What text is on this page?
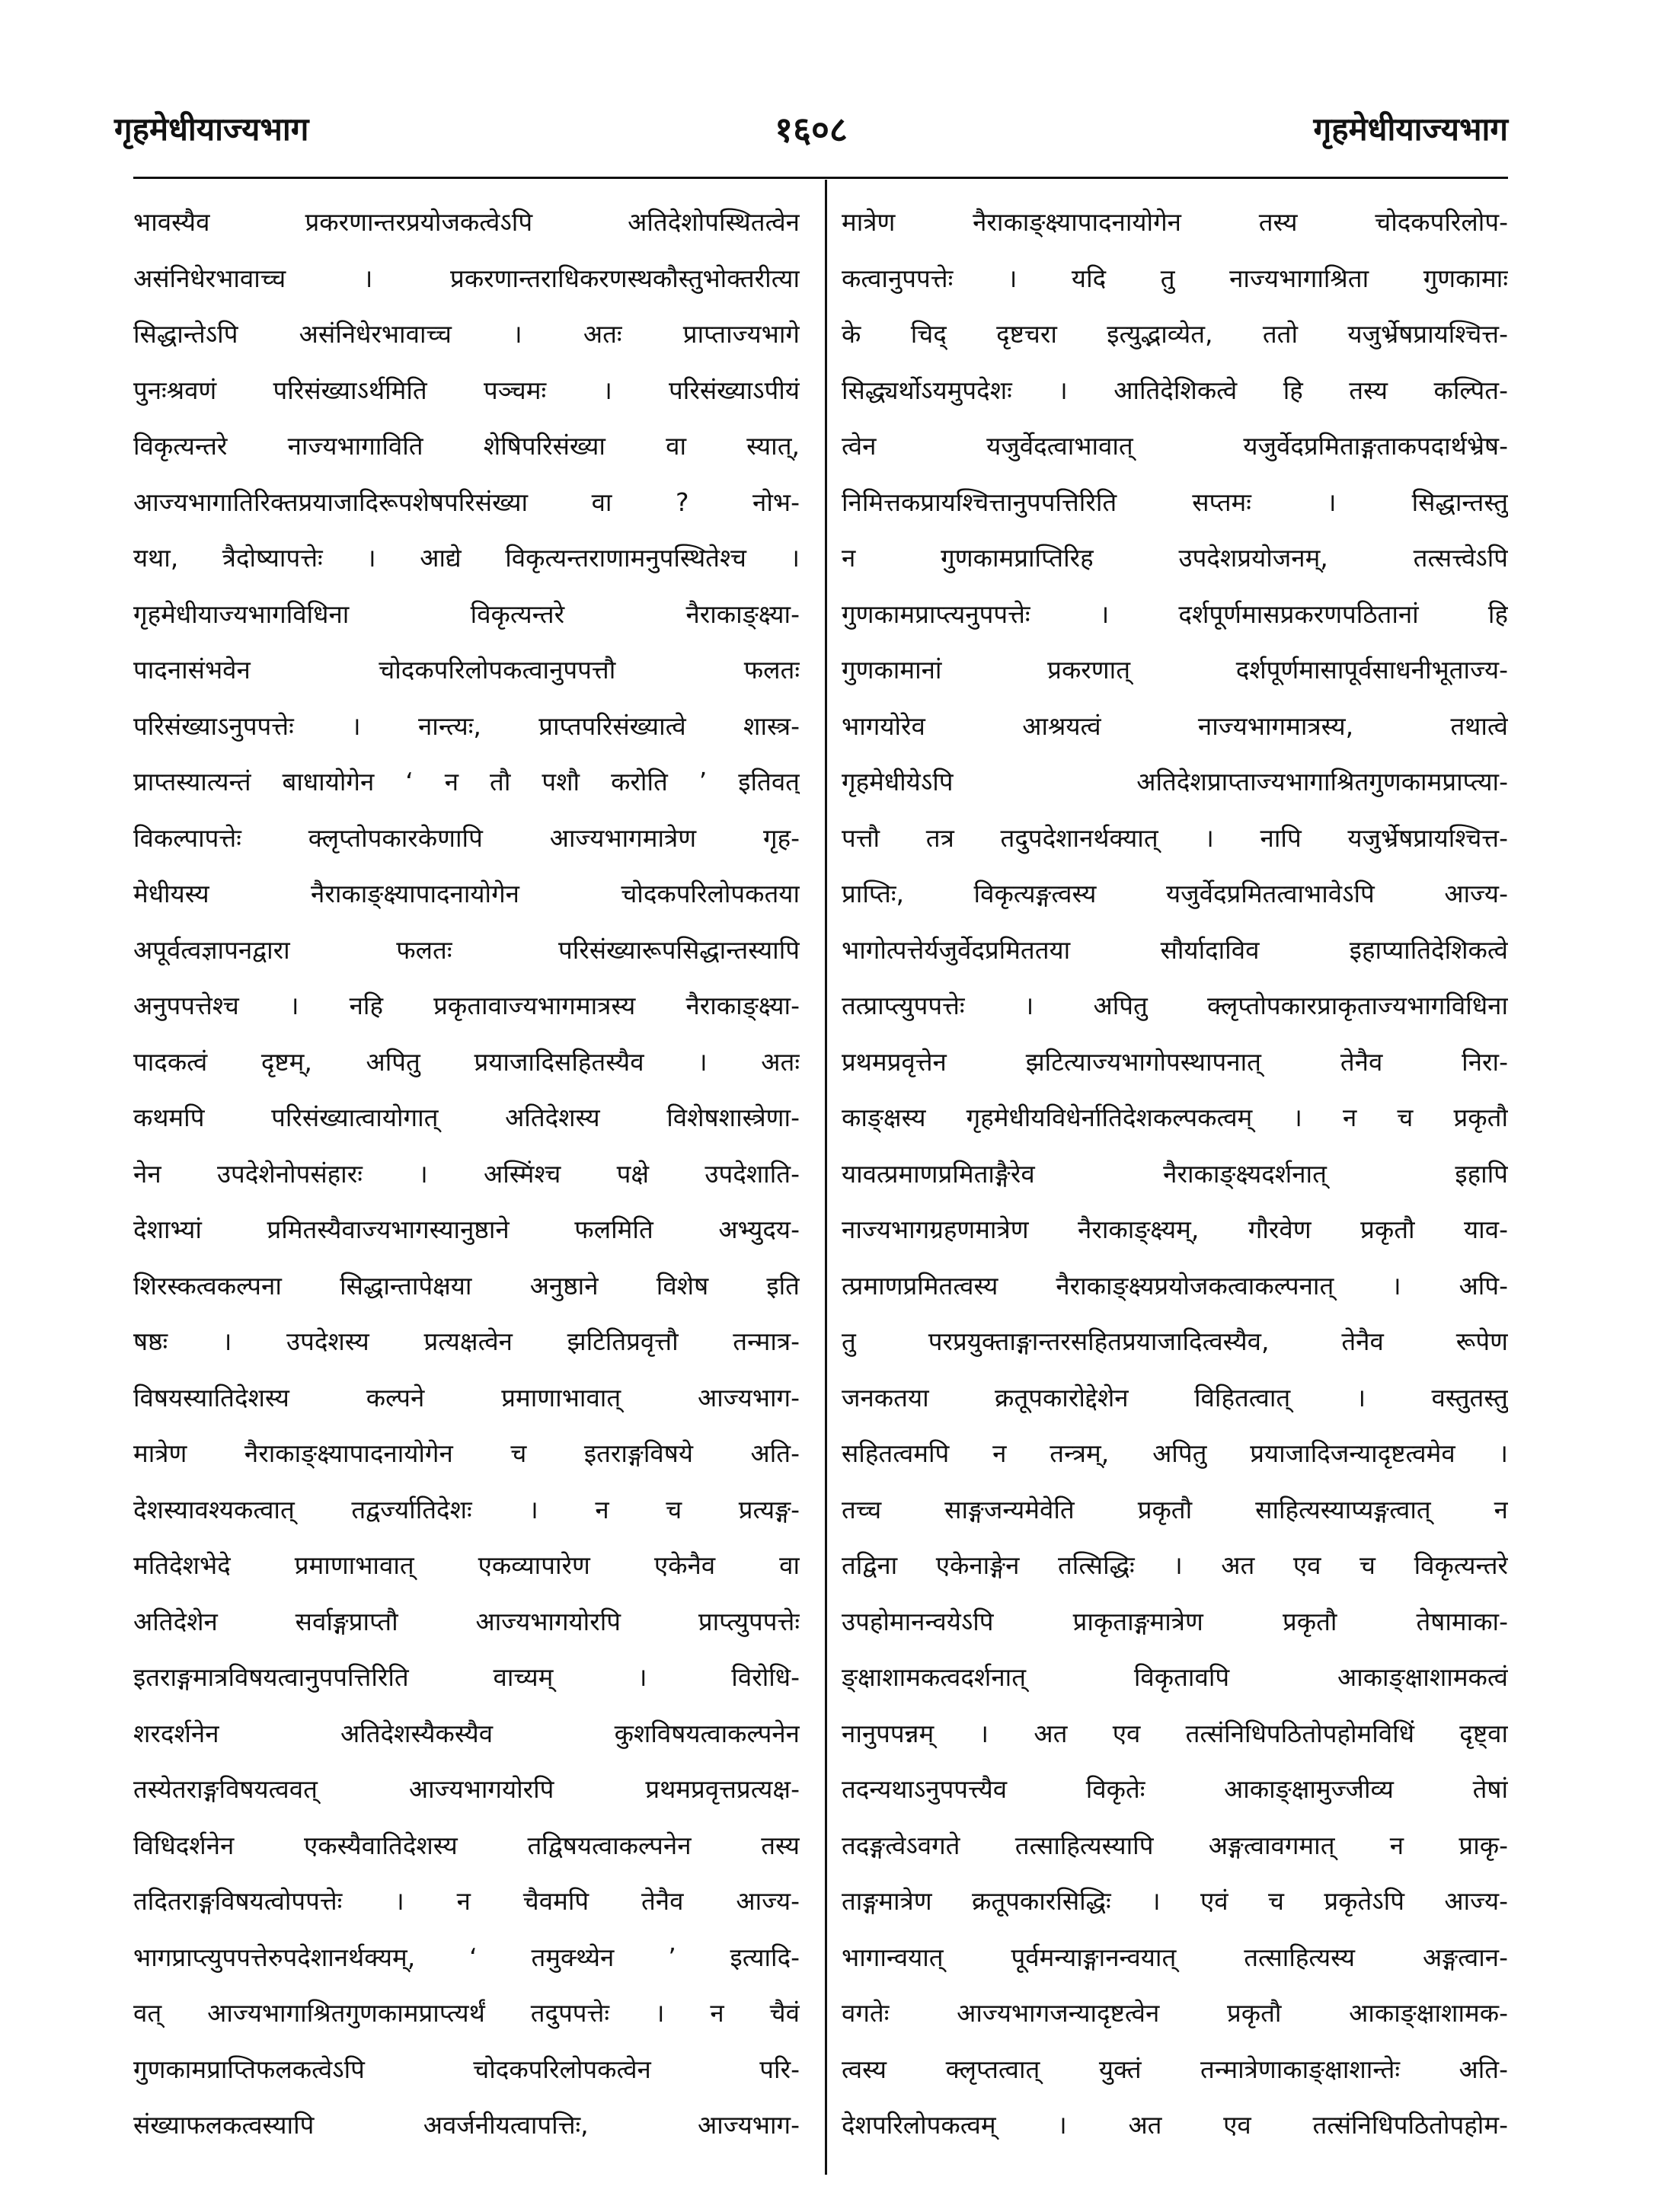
गृहमेधीयाज्यभाग	१६०८	गृहमेधीयाज्यभाग
भावस्यैव प्रकरणान्तरप्रयोजकत्वेऽपि अतिदेशोपस्थितत्वेन
असंनिधेरभावाच्च । प्रकरणान्तराधिकरणस्थकौस्तुभोक्तरीत्या
सिद्धान्तेऽपि असंनिधेरभावाच्च । अतः प्राप्ताज्यभागे
पुनःश्रवणं परिसंख्याऽर्थमिति पञ्चमः । परिसंख्याऽपीयं
विकृत्यन्तरे नाज्यभागाविति शेषिपरिसंख्या वा स्यात्,
आज्यभागातिरिक्तप्रयाजादिरूपशेषपरिसंख्या वा ? नोभ-
यथा, त्रैदोष्यापत्तेः । आद्ये विकृत्यन्तराणामनुपस्थितेश्च ।
गृहमेधीयाज्यभागविधिना विकृत्यन्तरे नैराकाङ्क्ष्या-
पादनासंभवेन चोदकपरिलोपकत्वानुपपत्तौ फलतः
परिसंख्याऽनुपपत्तेः । नान्त्यः, प्राप्तपरिसंख्यात्वे शास्त्र-
प्राप्तस्यात्यन्तं बाधायोगेन ‘ न तौ पशौ करोति ’ इतिवत्
विकल्पापत्तेः क्लृप्तोपकारकेणापि आज्यभागमात्रेण गृह-
मेधीयस्य नैराकाङ्क्ष्यापादनायोगेन चोदकपरिलोपकतया
अपूर्वत्वज्ञापनद्वारा फलतः परिसंख्यारूपसिद्धान्तस्यापि
अनुपपत्तेश्च । नहि प्रकृतावाज्यभागमात्रस्य नैराकाङ्क्ष्या-
पादकत्वं दृष्टम्, अपितु प्रयाजादिसहितस्यैव । अतः
कथमपि परिसंख्यात्वायोगात् अतिदेशस्य विशेषशास्त्रेणा-
नेन उपदेशेनोपसंहारः । अस्मिंश्च पक्षे उपदेशाति-
देशाभ्यां प्रमितस्यैवाज्यभागस्यानुष्ठाने फलमिति अभ्युदय-
शिरस्कत्वकल्पना सिद्धान्तापेक्षया अनुष्ठाने विशेष इति
षष्ठः । उपदेशस्य प्रत्यक्षत्वेन झटितिप्रवृत्तौ तन्मात्र-
विषयस्यातिदेशस्य कल्पने प्रमाणाभावात् आज्यभाग-
मात्रेण नैराकाङ्क्ष्यापादनायोगेन च इतराङ्गविषये अति-
देशस्यावश्यकत्वात् तद्वर्ज्यातिदेशः । न च प्रत्यङ्ग-
मतिदेशभेदे प्रमाणाभावात् एकव्यापारेण एकेनैव वा
अतिदेशेन सर्वाङ्गप्राप्तौ आज्यभागयोरपि प्राप्त्युपपत्तेः
इतराङ्गमात्रविषयत्वानुपपत्तिरिति वाच्यम् । विरोधि-
शरदर्शनेन अतिदेशस्यैकस्यैव कुशविषयत्वाकल्पनेन
तस्येतराङ्गविषयत्ववत् आज्यभागयोरपि प्रथमप्रवृत्तप्रत्यक्ष-
विधिदर्शनेन एकस्यैवातिदेशस्य तद्विषयत्वाकल्पनेन तस्य
तदितराङ्गविषयत्वोपपत्तेः । न चैवमपि तेनैव आज्य-
भागप्राप्त्युपपत्तेरुपदेशानर्थक्यम्, ‘ तमुक्थ्येन ’ इत्यादि-
वत् आज्यभागाश्रितगुणकामप्राप्त्यर्थं तदुपपत्तेः । न चैवं
गुणकामप्राप्तिफलकत्वेऽपि चोदकपरिलोपकत्वेन परि-
संख्याफलकत्वस्यापि अवर्जनीयत्वापत्तिः, आज्यभाग-
मात्रेण नैराकाङ्क्ष्यापादनायोगेन तस्य चोदकपरिलोप-
कत्वानुपपत्तेः । यदि तु नाज्यभागाश्रिता गुणकामाः
के चिद् दृष्टचरा इत्युद्भाव्येत, ततो यजुर्भ्रेषप्रायश्चित्त-
सिद्ध्यर्थोऽयमुपदेशः । आतिदेशिकत्वे हि तस्य कल्पित-
त्वेन यजुर्वेदत्वाभावात् यजुर्वेदप्रमिताङ्गताकपदार्थभ्रेष-
निमित्तकप्रायश्चित्तानुपपत्तिरिति सप्तमः । सिद्धान्तस्तु
न गुणकामप्राप्तिरिह उपदेशप्रयोजनम्, तत्सत्त्वेऽपि
गुणकामप्राप्त्यनुपपत्तेः । दर्शपूर्णमासप्रकरणपठितानां हि
गुणकामानां प्रकरणात् दर्शपूर्णमासापूर्वसाधनीभूताज्य-
भागयोरेव आश्रयत्वं नाज्यभागमात्रस्य, तथात्वे
गृहमेधीयेऽपि अतिदेशप्राप्ताज्यभागाश्रितगुणकामप्राप्त्या-
पत्तौ तत्र तदुपदेशानर्थक्यात् । नापि यजुर्भ्रेषप्रायश्चित्त-
प्राप्तिः, विकृत्यङ्गत्वस्य यजुर्वेदप्रमितत्वाभावेऽपि आज्य-
भागोत्पत्तेर्यजुर्वेदप्रमिततया सौर्यादाविव इहाप्यातिदेशिकत्वे
तत्प्राप्त्युपपत्तेः । अपितु क्लृप्तोपकारप्राकृताज्यभागविधिना
प्रथमप्रवृत्तेन झटित्याज्यभागोपस्थापनात् तेनैव निरा-
काङ्क्षस्य गृहमेधीयविधेर्नातिदेशकल्पकत्वम् । न च प्रकृतौ
यावत्प्रमाणप्रमिताङ्गैरेव नैराकाङ्क्ष्यदर्शनात् इहापि
नाज्यभागग्रहणमात्रेण नैराकाङ्क्ष्यम्, गौरवेण प्रकृतौ याव-
त्प्रमाणप्रमितत्वस्य नैराकाङ्क्ष्यप्रयोजकत्वाकल्पनात् । अपि-
तु परप्रयुक्ताङ्गान्तरसहितप्रयाजादित्वस्यैव, तेनैव रूपेण
जनकतया क्रतूपकारोद्देशेन विहितत्वात् । वस्तुतस्तु
सहितत्वमपि न तन्त्रम्, अपितु प्रयाजादिजन्यादृष्टत्वमेव ।
तच्च साङ्गजन्यमेवेति प्रकृतौ साहित्यस्याप्यङ्गत्वात् न
तद्विना एकेनाङ्गेन तत्सिद्धिः । अत एव च विकृत्यन्तरे
उपहोमानन्वयेऽपि प्राकृताङ्गमात्रेण प्रकृतौ तेषामाका-
ङ्क्षाशामकत्वदर्शनात् विकृतावपि आकाङ्क्षाशामकत्वं
नानुपपन्नम् । अत एव तत्संनिधिपठितोपहोमविधिं दृष्ट्वा
तदन्यथाऽनुपपत्त्यैव विकृतेः आकाङ्क्षामुज्जीव्य तेषां
तदङ्गत्वेऽवगते तत्साहित्यस्यापि अङ्गत्वावगमात् न प्राकृ-
ताङ्गमात्रेण क्रतूपकारसिद्धिः । एवं च प्रकृतेऽपि आज्य-
भागान्वयात् पूर्वमन्याङ्गानन्वयात् तत्साहित्यस्य अङ्गत्वान-
वगतेः आज्यभागजन्यादृष्टत्वेन प्रकृतौ आकाङ्क्षाशामक-
त्वस्य क्लृप्तत्वात् युक्तं तन्मात्रेणाकाङ्क्षाशान्तेः अति-
देशपरिलोपकत्वम् । अत एव तत्संनिधिपठितोपहोम-
